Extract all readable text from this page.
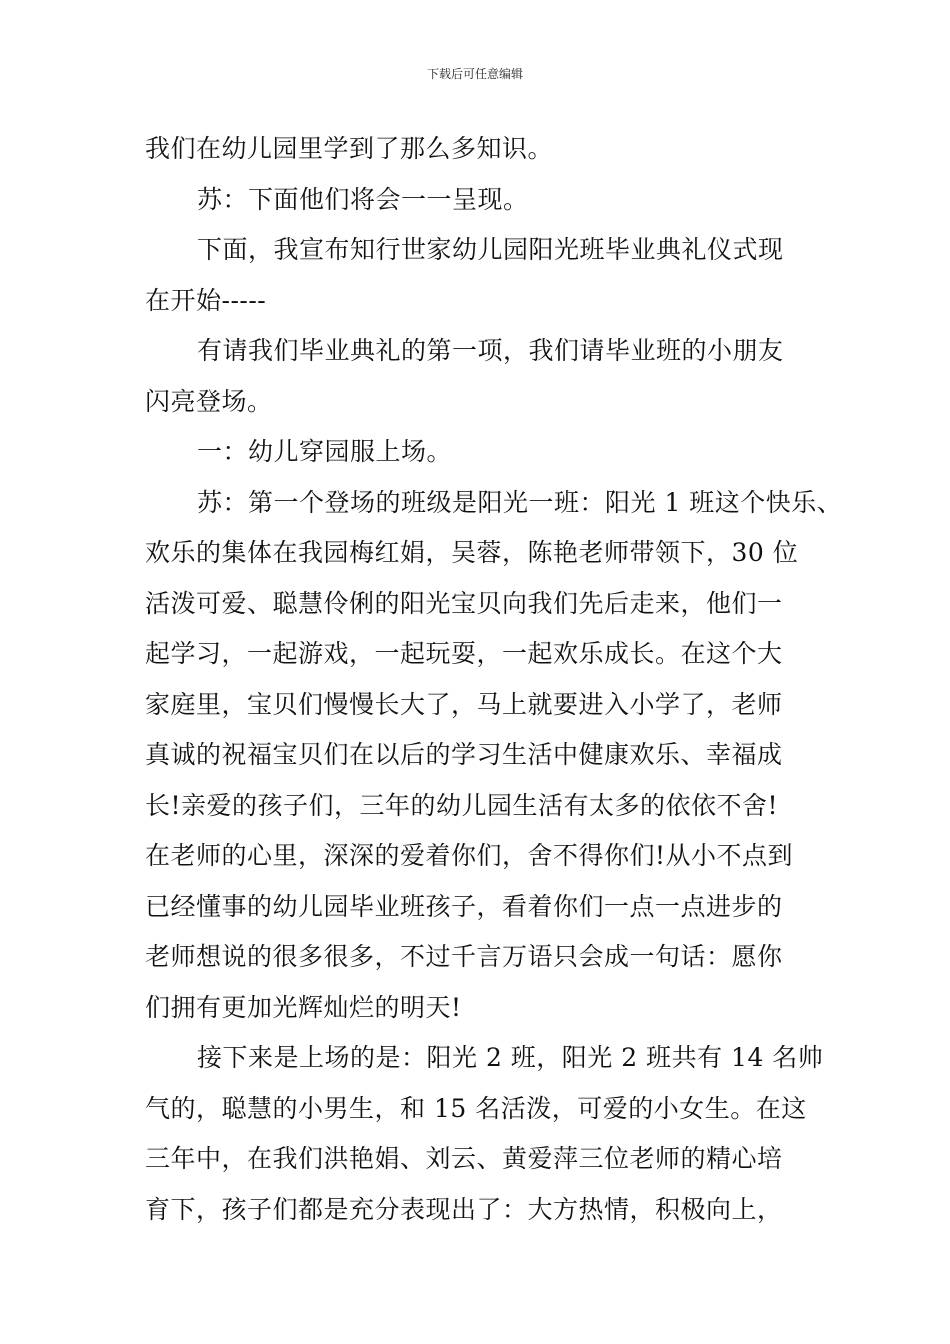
下载后可任意编辑
我们在幼儿园里学到了那么多知识。
苏：下面他们将会一一呈现。
下面，我宣布知行世家幼儿园阳光班毕业典礼仪式现
在开始-----
有请我们毕业典礼的第一项，我们请毕业班的小朋友
闪亮登场。
一：幼儿穿园服上场。
苏：第一个登场的班级是阳光一班：阳光 1 班这个快乐、
欢乐的集体在我园梅红娟，吴蓉，陈艳老师带领下，30 位
活泼可爱、聪慧伶俐的阳光宝贝向我们先后走来，他们一
起学习，一起游戏，一起玩耍，一起欢乐成长。在这个大
家庭里，宝贝们慢慢长大了，马上就要进入小学了，老师
真诚的祝福宝贝们在以后的学习生活中健康欢乐、幸福成
长!亲爱的孩子们，三年的幼儿园生活有太多的依依不舍!
在老师的心里，深深的爱着你们，舍不得你们!从小不点到
已经懂事的幼儿园毕业班孩子，看着你们一点一点进步的
老师想说的很多很多，不过千言万语只会成一句话：愿你
们拥有更加光辉灿烂的明天!
接下来是上场的是：阳光 2 班，阳光 2 班共有 14 名帅
气的，聪慧的小男生，和 15 名活泼，可爱的小女生。在这
三年中，在我们洪艳娟、刘云、黄爱萍三位老师的精心培
育下，孩子们都是充分表现出了：大方热情，积极向上，
